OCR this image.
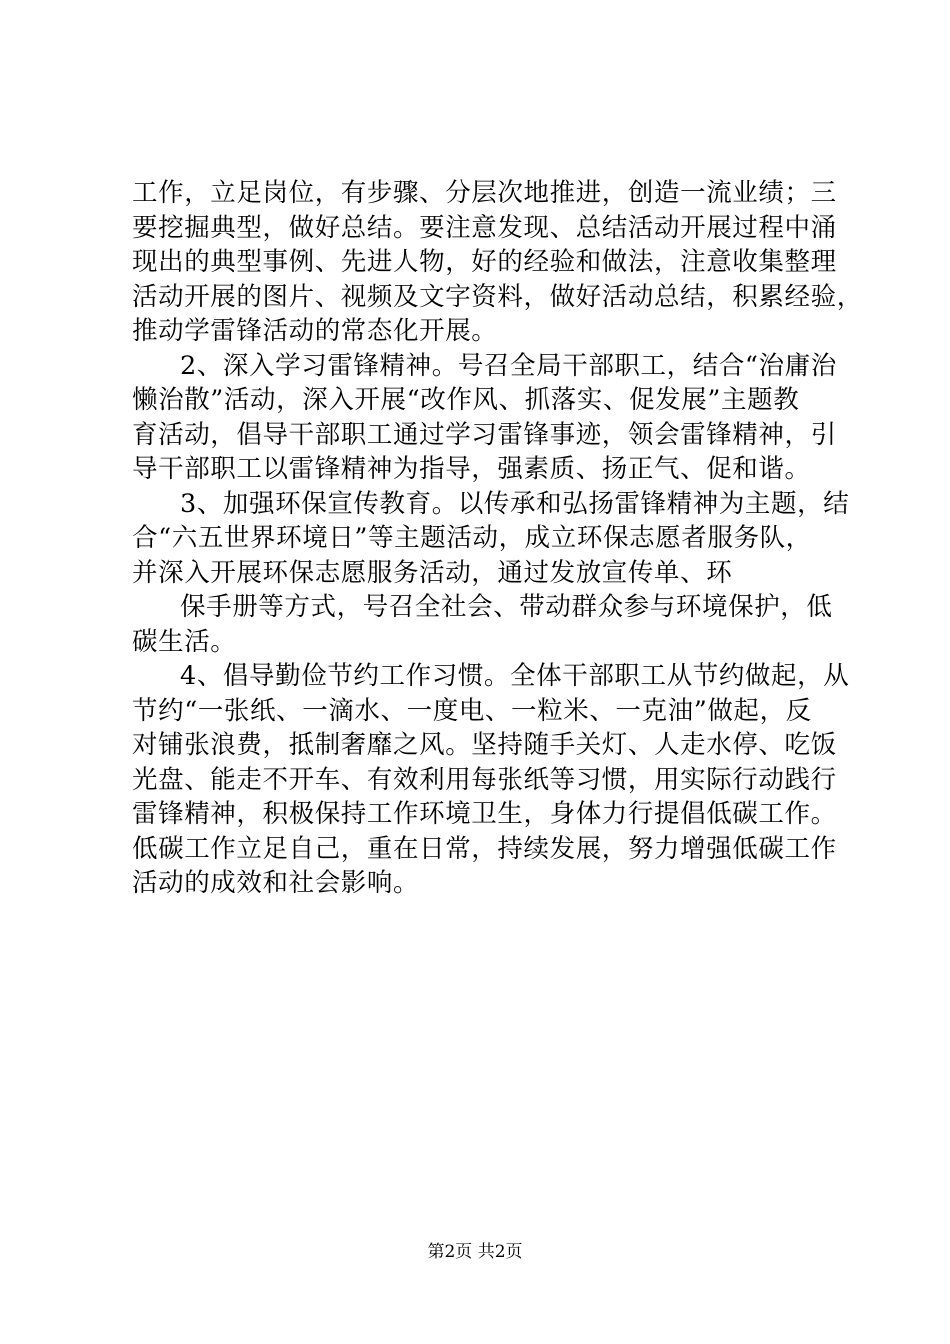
工作，立足岗位，有步骤、分层次地推进，创造一流业绩；三
要挖掘典型，做好总结。要注意发现、总结活动开展过程中涌
现出的典型事例、先进人物，好的经验和做法，注意收集整理
活动开展的图片、视频及文字资料，做好活动总结，积累经验，
推动学雷锋活动的常态化开展。
2、深入学习雷锋精神。号召全局干部职工，结合“治庸治
懒治散”活动，深入开展“改作风、抓落实、促发展”主题教
育活动，倡导干部职工通过学习雷锋事迹，领会雷锋精神，引
导干部职工以雷锋精神为指导，强素质、扬正气、促和谐。
3、加强环保宣传教育。以传承和弘扬雷锋精神为主题，结
合“六五世界环境日”等主题活动，成立环保志愿者服务队，
并深入开展环保志愿服务活动，通过发放宣传单、环
保手册等方式，号召全社会、带动群众参与环境保护，低
碳生活。
4、倡导勤俭节约工作习惯。全体干部职工从节约做起，从
节约“一张纸、一滴水、一度电、一粒米、一克油”做起，反
对铺张浪费，抵制奢靡之风。坚持随手关灯、人走水停、吃饭
光盘、能走不开车、有效利用每张纸等习惯，用实际行动践行
雷锋精神，积极保持工作环境卫生，身体力行提倡低碳工作。
低碳工作立足自己，重在日常，持续发展，努力增强低碳工作
活动的成效和社会影响。
第2页 共2页
